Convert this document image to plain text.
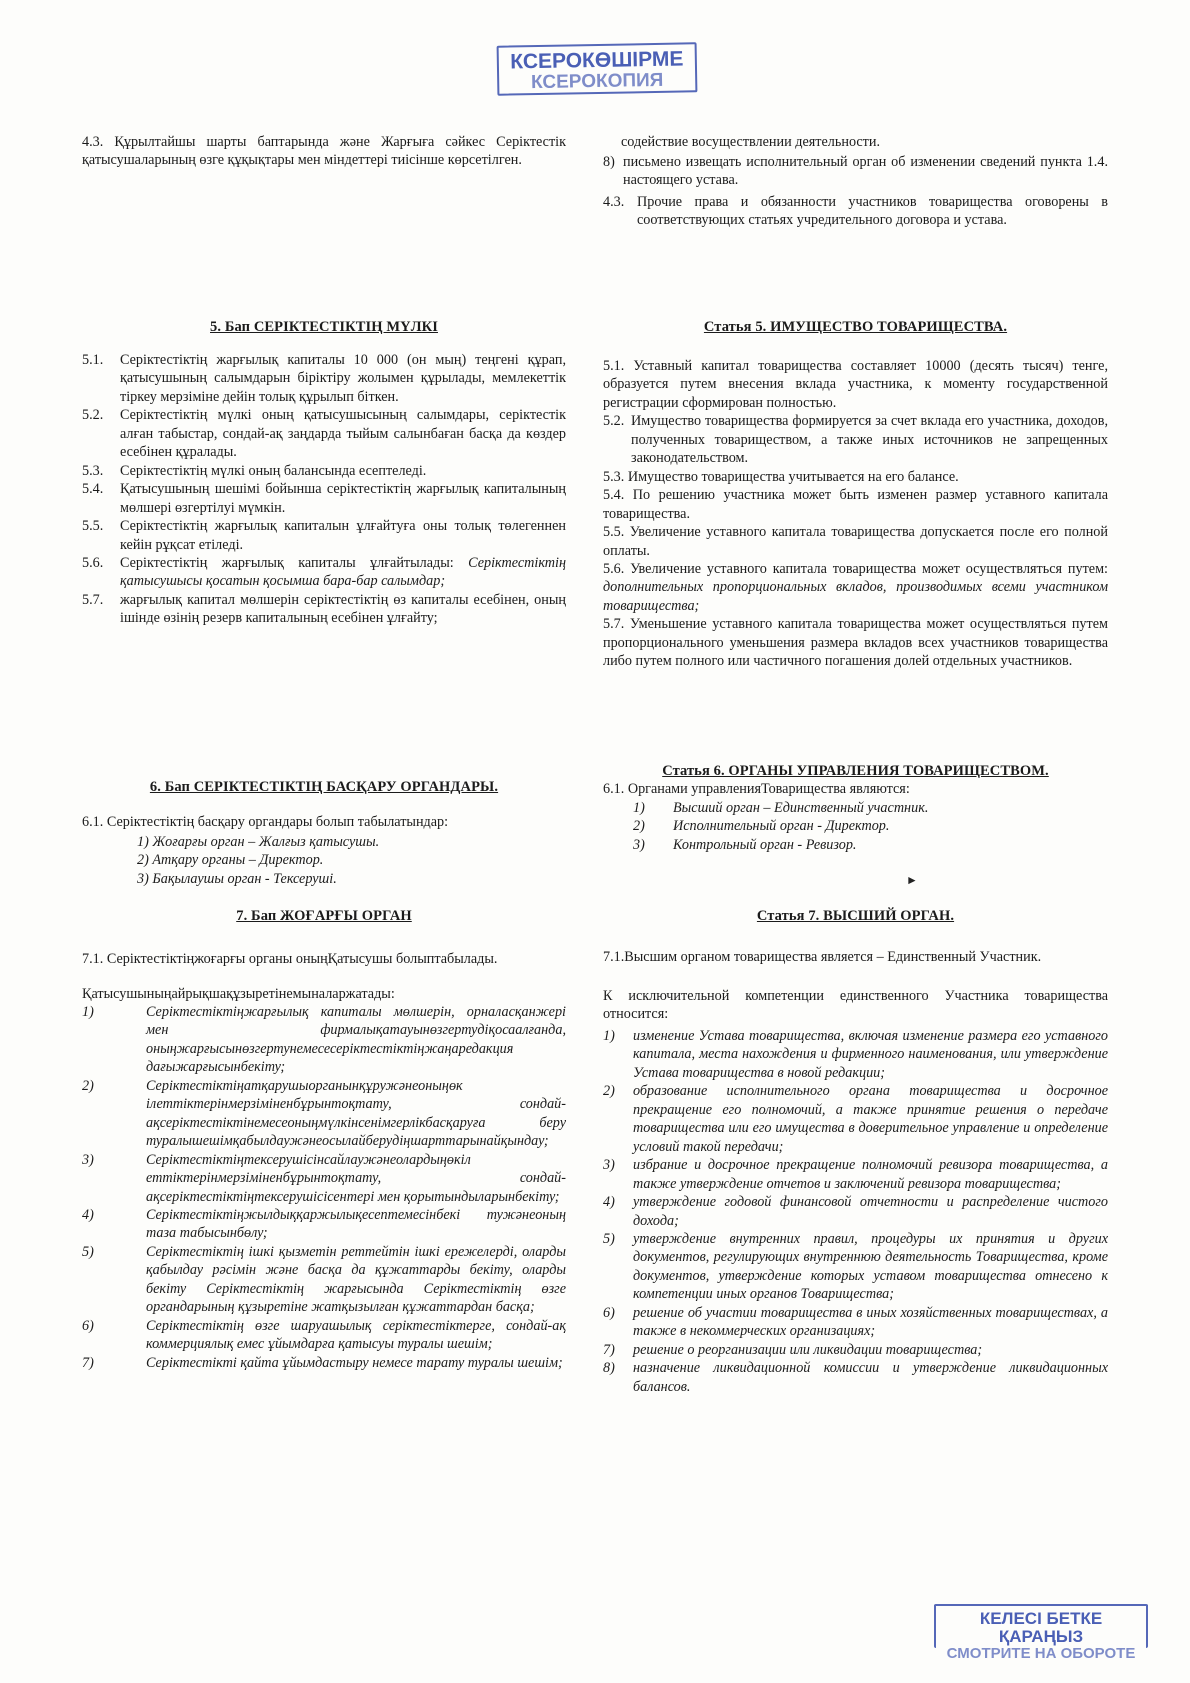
КСЕРОКӨШІРМЕ
КСЕРОКОПИЯ
4.3. Құрылтайшы шарты баптарында және Жарғыға сәйкес Серіктестік қатысушаларының өзге құқықтары мен міндеттері тиісінше көрсетілген.
5. Бап СЕРІКТЕСТІКТІҢ МҮЛКІ
5.1.	Серіктестіктің жарғылық капиталы 10 000 (он мың) теңгені құрап, қатысушының салымдарын біріктіру жолымен құрылады, мемлекеттік тіркеу мерзіміне дейін толық құрылып біткен.
5.2.	Серіктестіктің мүлкі оның қатысушысының салымдары, серіктестік алған табыстар, сондай-ақ заңдарда тыйым салынбаған басқа да көздер есебінен құралады.
5.3.	Серіктестіктің мүлкі оның балансында есептеледі.
5.4.	Қатысушының шешімі бойынша серіктестіктің жарғылық капиталының мөлшері өзгертілуі мүмкін.
5.5.	Серіктестіктің жарғылық капиталын ұлғайтуға оны толық төлегеннен кейін рұқсат етіледі.
5.6.	Серіктестіктің жарғылық капиталы ұлғайтылады: Серіктестіктің қатысушысы қосатын қосымша бара-бар салымдар;
5.7.	жарғылық капитал мөлшерін серіктестіктің өз капиталы есебінен, оның ішінде өзінің резерв капиталының есебінен ұлғайту;
6. Бап СЕРІКТЕСТІКТІҢ БАСҚАРУ ОРГАНДАРЫ.
6.1. Серіктестіктің басқару органдары болып табылатындар:

1) Жоғарғы орган – Жалғыз қатысушы.

2) Атқару органы – Директор.

3) Бақылаушы орган - Тексеруші.

7. Бап ЖОҒАРҒЫ ОРГАН
7.1. Серіктестіктіңжоғарғы органы оныңҚатысушы болыптабылады.
Қатысушыныңайрықшақұзыретінемыналаржатады:
1)	Серіктестіктіңжарғылық капиталы мөлшерін, орналасқанжері мен фирмалықатауынөзгертудіқосаалғанда, оныңжарғысынөзгертунемесесеріктестіктіңжаңаредакция дағыжарғысынбекіту;
2)	Серіктестіктіңатқарушыорганынқұружәнеоныңөк ілеттіктерінмерзіміненбұрынтоқтату, сондай-ақсеріктестіктінемесеоныңмүлкінсенімгерлікбасқаруға беру туралышешімқабылдаужәнеосылайберудіңшарттарынайқындау;
3)	Серіктестіктіңтексерушісінсайлаужәнеолардыңөкіл еттіктерінмерзіміненбұрынтоқтату, сондай-ақсеріктестіктіңтексерушісісентері мен қорытындыларынбекіту;
4)	Серіктестіктіңжылдыққаржылықесептемесінбекі тужәнеоның таза табысынбөлу;
5)	Серіктестіктің ішкі қызметін реттейтін ішкі ережелерді, оларды қабылдау рәсімін және басқа да құжаттарды бекіту, оларды бекіту Серіктестіктің жарғысында Серіктестіктің өзге органдарының құзыретіне жатқызылған құжаттардан басқа;
6)	Серіктестіктің өзге шаруашылық серіктестіктерге, сондай-ақ коммерциялық емес ұйымдарға қатысуы туралы шешім;
7)	Серіктестікті қайта ұйымдастыру немесе тарату туралы шешім;
содействие восуществлении деятельности.
8) письмено извещать исполнительный орган об изменении сведений пункта 1.4. настоящего устава.
4.3. Прочие права и обязанности участников товарищества оговорены в соответствующих статьях учредительного договора и устава.
Статья 5. ИМУЩЕСТВО ТОВАРИЩЕСТВА.

5.1. Уставный капитал товарищества составляет 10000 (десять тысяч) тенге, образуется путем внесения вклада участника, к моменту государственной регистрации сформирован полностью.

5.2. Имущество товарищества формируется за счет вклада его участника, доходов, полученных товариществом, а также иных источников не запрещенных законодательством.

5.3. Имущество товарищества учитывается на его балансе.

5.4. По решению участника может быть изменен размер уставного капитала товарищества.

5.5. Увеличение уставного капитала товарищества допускается после его полной оплаты.

5.6. Увеличение уставного капитала товарищества может осуществляться путем: дополнительных пропорциональных вкладов, производимых всеми участником товарищества;

5.7. Уменьшение уставного капитала товарищества может осуществляться путем пропорционального уменьшения размера вкладов всех участников товарищества либо путем полного или частичного погашения долей отдельных участников.

Статья 6. ОРГАНЫ УПРАВЛЕНИЯ ТОВАРИЩЕСТВОМ.
6.1. Органами управленияТоварищества являются:
1)	Высший орган – Единственный участник.
2)	Исполнительный орган - Директор.
3)	Контрольный орган - Ревизор.
Статья 7. ВЫСШИЙ ОРГАН.
7.1.Высшим органом товарищества является – Единственный Участник.
К исключительной компетенции единственного Участника товарищества относится:
1)	изменение Устава товарищества, включая изменение размера его уставного капитала, места нахождения и фирменного наименования, или утверждение Устава товарищества в новой редакции;
2)	образование исполнительного органа товарищества и досрочное прекращение его полномочий, а также принятие решения о передаче товарищества или его имущества в доверительное управление и определение условий такой передачи;
3)	избрание и досрочное прекращение полномочий ревизора товарищества, а также утверждение отчетов и заключений ревизора товарищества;
4)	утверждение годовой финансовой отчетности и распределение чистого дохода;
5)	утверждение внутренних правил, процедуры их принятия и других документов, регулирующих внутреннюю деятельность Товарищества, кроме документов, утверждение которых уставом товарищества отнесено к компетенции иных органов Товарищества;
6)	решение об участии товарищества в иных хозяйственных товариществах, а также в некоммерческих организациях;
7)	решение о реорганизации или ликвидации товарищества;
8)	назначение ликвидационной комиссии и утверждение ликвидационных балансов.
►
КЕЛЕСІ БЕТКЕ ҚАРАҢЫЗ
СМОТРИТЕ НА ОБОРОТЕ
